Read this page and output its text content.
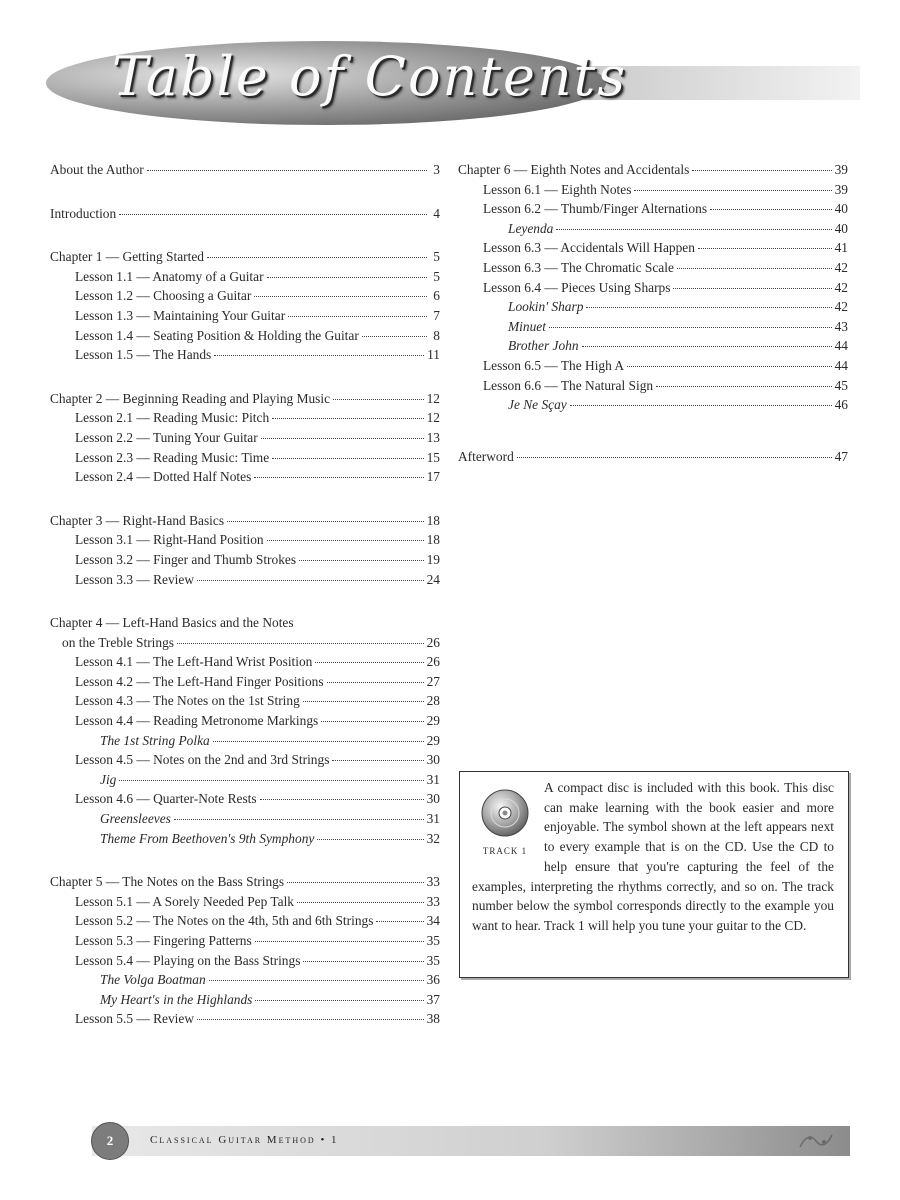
Table of Contents
About the Author	3
Introduction	4
Chapter 1 — Getting Started	5
Lesson 1.1 — Anatomy of a Guitar	5
Lesson 1.2 — Choosing a Guitar	6
Lesson 1.3 — Maintaining Your Guitar	7
Lesson 1.4 — Seating Position & Holding the Guitar	8
Lesson 1.5 — The Hands	11
Chapter 2 — Beginning Reading and Playing Music	12
Lesson 2.1 — Reading Music: Pitch	12
Lesson 2.2 — Tuning Your Guitar	13
Lesson 2.3 — Reading Music: Time	15
Lesson 2.4 — Dotted Half Notes	17
Chapter 3 — Right-Hand Basics	18
Lesson 3.1 — Right-Hand Position	18
Lesson 3.2 — Finger and Thumb Strokes	19
Lesson 3.3 — Review	24
Chapter 4 — Left-Hand Basics and the Notes
on the Treble Strings	26
Lesson 4.1 — The Left-Hand Wrist Position	26
Lesson 4.2 — The Left-Hand Finger Positions	27
Lesson 4.3 — The Notes on the 1st String	28
Lesson 4.4 — Reading Metronome Markings	29
The 1st String Polka	29
Lesson 4.5 — Notes on the 2nd and 3rd Strings	30
Jig	31
Lesson 4.6 — Quarter-Note Rests	30
Greensleeves	31
Theme From Beethoven's 9th Symphony	32
Chapter 5 — The Notes on the Bass Strings	33
Lesson 5.1 — A Sorely Needed Pep Talk	33
Lesson 5.2 — The Notes on the 4th, 5th and 6th Strings	34
Lesson 5.3 — Fingering Patterns	35
Lesson 5.4 — Playing on the Bass Strings	35
The Volga Boatman	36
My Heart's in the Highlands	37
Lesson 5.5 — Review	38
Chapter 6 — Eighth Notes and Accidentals	39
Lesson 6.1 — Eighth Notes	39
Lesson 6.2 — Thumb/Finger Alternations	40
Leyenda	40
Lesson 6.3 — Accidentals Will Happen	41
Lesson 6.3 — The Chromatic Scale	42
Lesson 6.4 — Pieces Using Sharps	42
Lookin' Sharp	42
Minuet	43
Brother John	44
Lesson 6.5 — The High A	44
Lesson 6.6 — The Natural Sign	45
Je Ne Sçay	46
Afterword	47
TRACK 1

A compact disc is included with this book. This disc can make learning with the book easier and more enjoyable. The symbol shown at the left appears next to every example that is on the CD. Use the CD to help ensure that you're capturing the feel of the examples, interpreting the rhythms correctly, and so on. The track number below the symbol corresponds directly to the example you want to hear. Track 1 will help you tune your guitar to the CD.

2	Classical Guitar Method • 1
